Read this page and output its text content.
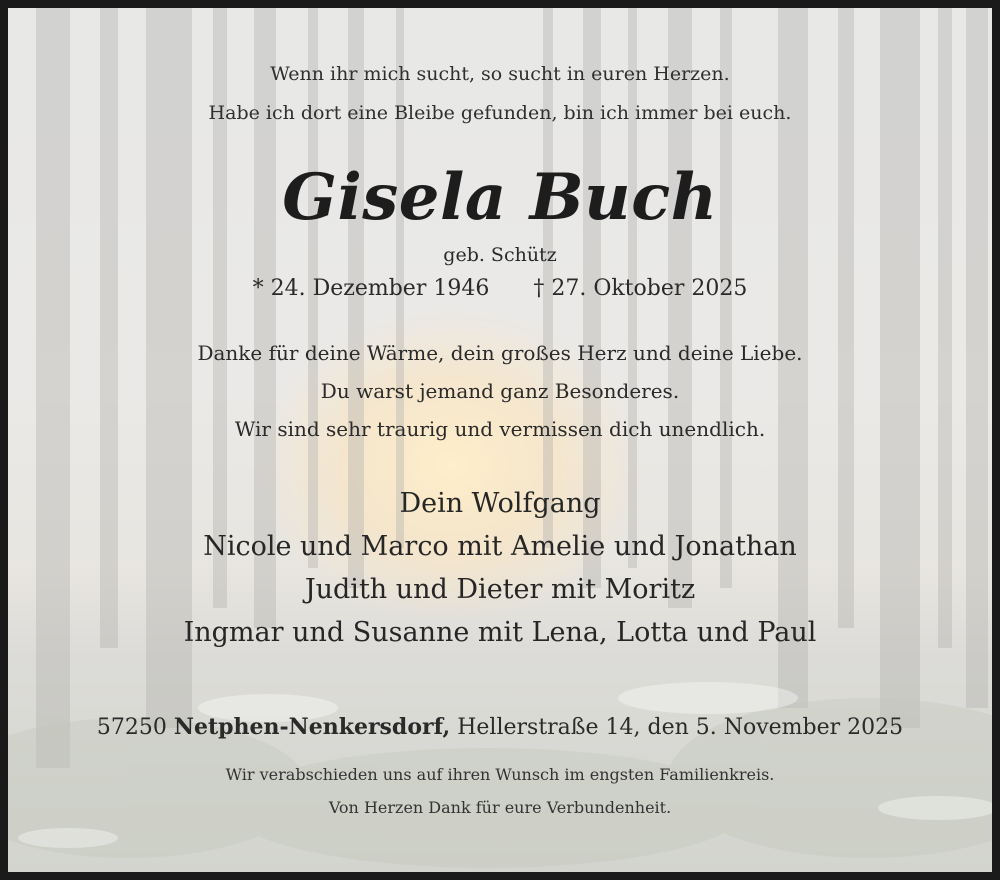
Wenn ihr mich sucht, so sucht in euren Herzen.
Habe ich dort eine Bleibe gefunden, bin ich immer bei euch.
Gisela Buch
geb. Schütz
* 24. Dezember 1946 † 27. Oktober 2025
Danke für deine Wärme, dein großes Herz und deine Liebe.
Du warst jemand ganz Besonderes.
Wir sind sehr traurig und vermissen dich unendlich.
Dein Wolfgang
Nicole und Marco mit Amelie und Jonathan
Judith und Dieter mit Moritz
Ingmar und Susanne mit Lena, Lotta und Paul
57250 Netphen-Nenkersdorf, Hellerstraße 14, den 5. November 2025
Wir verabschieden uns auf ihren Wunsch im engsten Familienkreis.
Von Herzen Dank für eure Verbundenheit.
